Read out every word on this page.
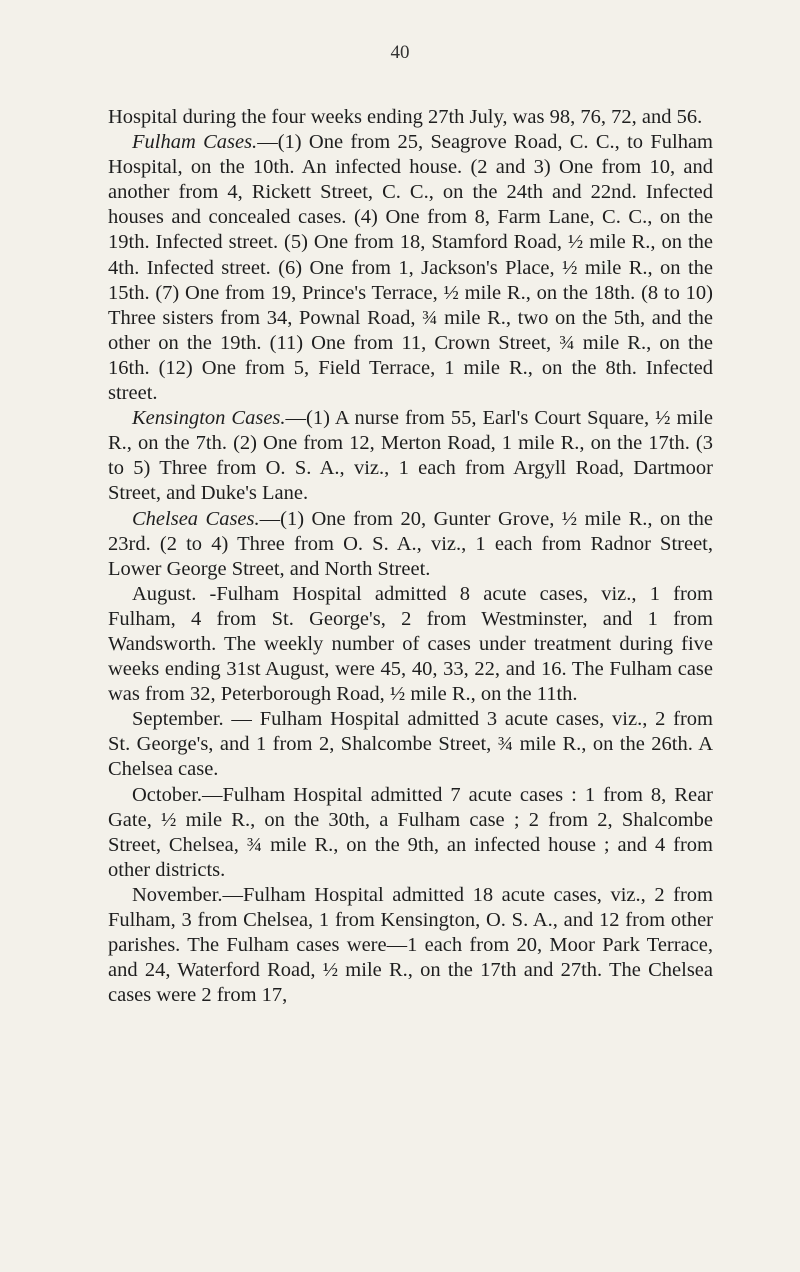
40

Hospital during the four weeks ending 27th July, was 98, 76, 72, and 56.

Fulham Cases.—(1) One from 25, Seagrove Road, C. C., to Fulham Hospital, on the 10th. An infected house. (2 and 3) One from 10, and another from 4, Rickett Street, C. C., on the 24th and 22nd. Infected houses and concealed cases. (4) One from 8, Farm Lane, C. C., on the 19th. Infected street. (5) One from 18, Stamford Road, ½ mile R., on the 4th. Infected street. (6) One from 1, Jackson's Place, ½ mile R., on the 15th. (7) One from 19, Prince's Terrace, ½ mile R., on the 18th. (8 to 10) Three sisters from 34, Pownal Road, ¾ mile R., two on the 5th, and the other on the 19th. (11) One from 11, Crown Street, ¾ mile R., on the 16th. (12) One from 5, Field Terrace, 1 mile R., on the 8th. Infected street.

Kensington Cases.—(1) A nurse from 55, Earl's Court Square, ½ mile R., on the 7th. (2) One from 12, Merton Road, 1 mile R., on the 17th. (3 to 5) Three from O. S. A., viz., 1 each from Argyll Road, Dartmoor Street, and Duke's Lane.

Chelsea Cases.—(1) One from 20, Gunter Grove, ½ mile R., on the 23rd. (2 to 4) Three from O. S. A., viz., 1 each from Radnor Street, Lower George Street, and North Street.

August. -Fulham Hospital admitted 8 acute cases, viz., 1 from Fulham, 4 from St. George's, 2 from Westminster, and 1 from Wandsworth. The weekly number of cases under treatment during five weeks ending 31st August, were 45, 40, 33, 22, and 16. The Fulham case was from 32, Peterborough Road, ½ mile R., on the 11th.

September. — Fulham Hospital admitted 3 acute cases, viz., 2 from St. George's, and 1 from 2, Shalcombe Street, ¾ mile R., on the 26th. A Chelsea case.

October.—Fulham Hospital admitted 7 acute cases : 1 from 8, Rear Gate, ½ mile R., on the 30th, a Fulham case ; 2 from 2, Shalcombe Street, Chelsea, ¾ mile R., on the 9th, an infected house ; and 4 from other districts.

November.—Fulham Hospital admitted 18 acute cases, viz., 2 from Fulham, 3 from Chelsea, 1 from Kensington, O. S. A., and 12 from other parishes. The Fulham cases were—1 each from 20, Moor Park Terrace, and 24, Waterford Road, ½ mile R., on the 17th and 27th. The Chelsea cases were 2 from 17,
